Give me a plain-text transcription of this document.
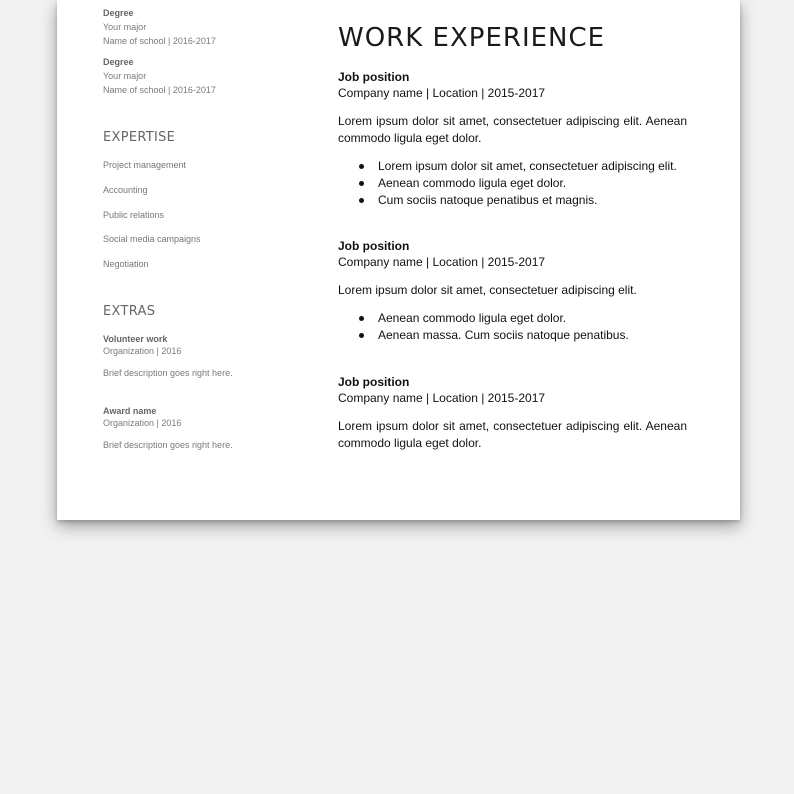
Degree
Your major
Name of school | 2016-2017
Degree
Your major
Name of school | 2016-2017
EXPERTISE
Project management
Accounting
Public relations
Social media campaigns
Negotiation
EXTRAS
Volunteer work
Organization | 2016
Brief description goes right here.
Award name
Organization | 2016
Brief description goes right here.
WORK EXPERIENCE
Job position
Company name | Location | 2015-2017
Lorem ipsum dolor sit amet, consectetuer adipiscing elit. Aenean commodo ligula eget dolor.
Lorem ipsum dolor sit amet, consectetuer adipiscing elit.
Aenean commodo ligula eget dolor.
Cum sociis natoque penatibus et magnis.
Job position
Company name | Location | 2015-2017
Lorem ipsum dolor sit amet, consectetuer adipiscing elit.
Aenean commodo ligula eget dolor.
Aenean massa. Cum sociis natoque penatibus.
Job position
Company name | Location | 2015-2017
Lorem ipsum dolor sit amet, consectetuer adipiscing elit. Aenean commodo ligula eget dolor.
